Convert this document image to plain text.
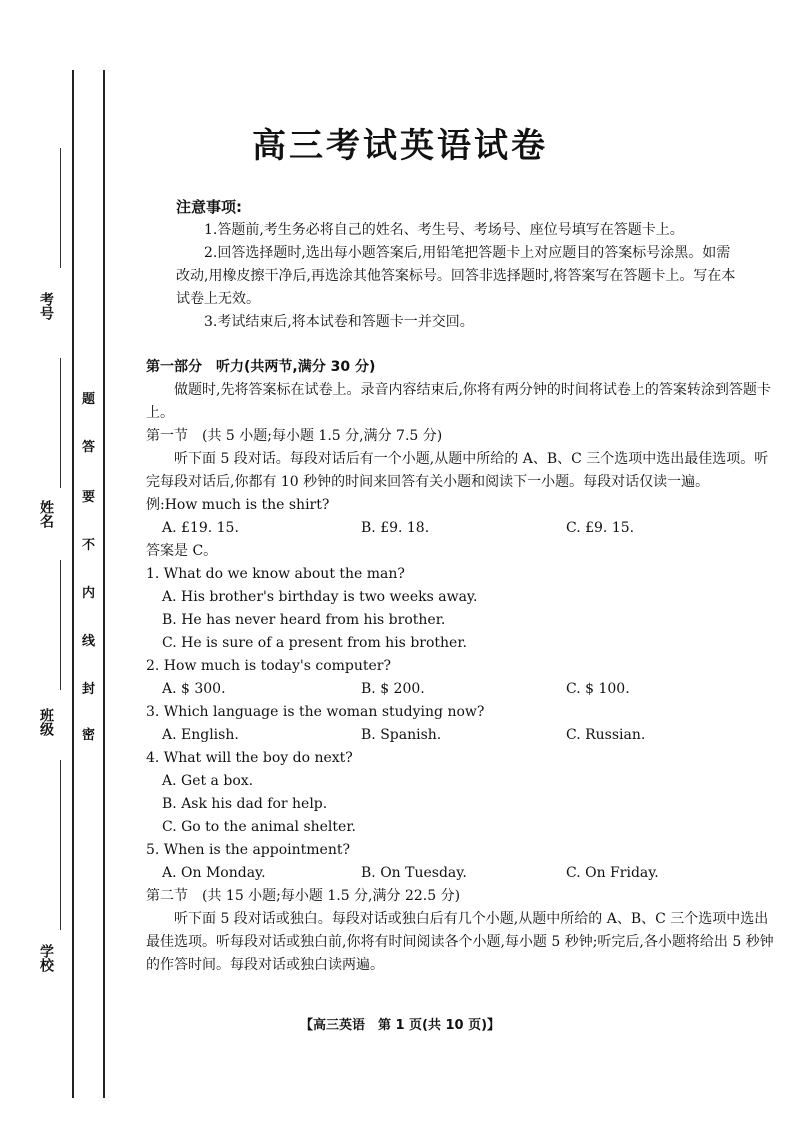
考号
姓名
班级
学校
题
答
要
不
内
线
封
密
高三考试英语试卷
注意事项:

1.答题前,考生务必将自己的姓名、考生号、考场号、座位号填写在答题卡上。

2.回答选择题时,选出每小题答案后,用铅笔把答题卡上对应题目的答案标号涂黑。如需改动,用橡皮擦干净后,再选涂其他答案标号。回答非选择题时,将答案写在答题卡上。写在本试卷上无效。

3.考试结束后,将本试卷和答题卡一并交回。

第一部分　听力(共两节,满分 30 分)

做题时,先将答案标在试卷上。录音内容结束后,你将有两分钟的时间将试卷上的答案转涂到答题卡上。

第一节　(共 5 小题;每小题 1.5 分,满分 7.5 分)

听下面 5 段对话。每段对话后有一个小题,从题中所给的 A、B、C 三个选项中选出最佳选项。听完每段对话后,你都有 10 秒钟的时间来回答有关小题和阅读下一小题。每段对话仅读一遍。

例:How much is the shirt?

A. £19. 15.	B. £9. 18.	C. £9. 15.

答案是 C。

1. What do we know about the man?

A. His brother's birthday is two weeks away.

B. He has never heard from his brother.

C. He is sure of a present from his brother.

2. How much is today's computer?

A. $ 300.	B. $ 200.	C. $ 100.

3. Which language is the woman studying now?

A. English.	B. Spanish.	C. Russian.

4. What will the boy do next?

A. Get a box.

B. Ask his dad for help.

C. Go to the animal shelter.

5. When is the appointment?

A. On Monday.	B. On Tuesday.	C. On Friday.

第二节　(共 15 小题;每小题 1.5 分,满分 22.5 分)

听下面 5 段对话或独白。每段对话或独白后有几个小题,从题中所给的 A、B、C 三个选项中选出最佳选项。听每段对话或独白前,你将有时间阅读各个小题,每小题 5 秒钟;听完后,各小题将给出 5 秒钟的作答时间。每段对话或独白读两遍。

【高三英语　第 1 页(共 10 页)】
